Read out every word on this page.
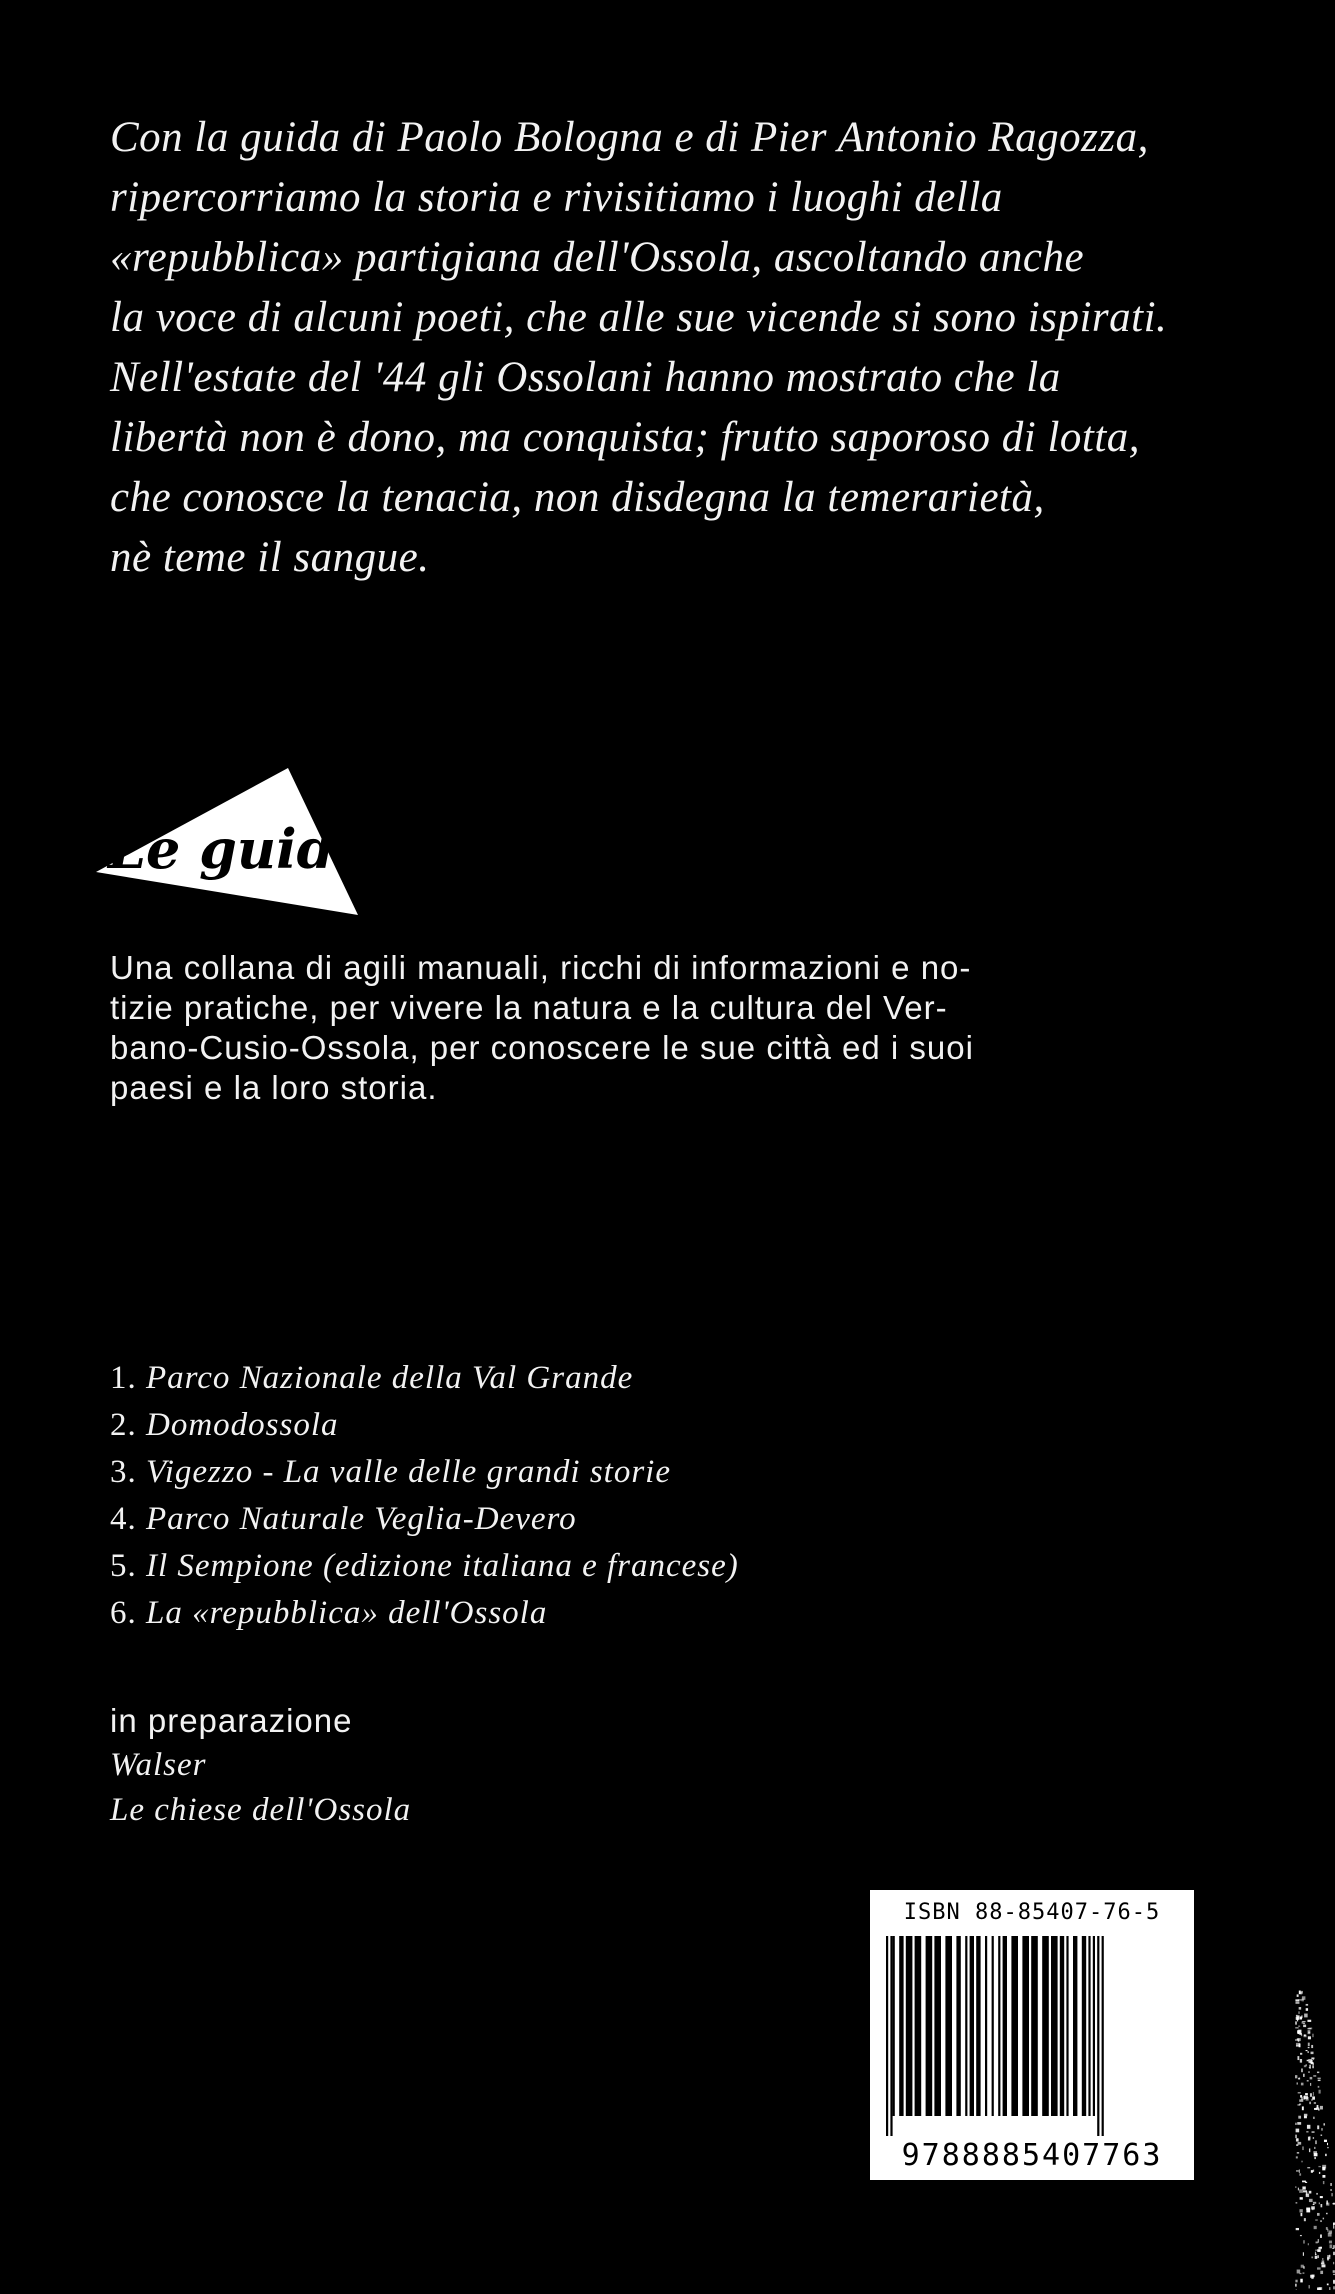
Con la guida di Paolo Bologna e di Pier Antonio Ragozza,
ripercorriamo la storia e rivisitiamo i luoghi della
«repubblica» partigiana dell'Ossola, ascoltando anche
la voce di alcuni poeti, che alle sue vicende si sono ispirati.
Nell'estate del '44 gli Ossolani hanno mostrato che la
libertà non è dono, ma conquista; frutto saporoso di lotta,
che conosce la tenacia, non disdegna la temerarietà,
nè teme il sangue.
Le guide
Una collana di agili manuali, ricchi di informazioni e no-
tizie pratiche, per vivere la natura e la cultura del Ver-
bano-Cusio-Ossola, per conoscere le sue città ed i suoi
paesi e la loro storia.
1. Parco Nazionale della Val Grande
2. Domodossola
3. Vigezzo - La valle delle grandi storie
4. Parco Naturale Veglia-Devero
5. Il Sempione (edizione italiana e francese)
6. La «repubblica» dell'Ossola
in preparazione
Walser
Le chiese dell'Ossola
ISBN 88-85407-76-5
9788885407763
